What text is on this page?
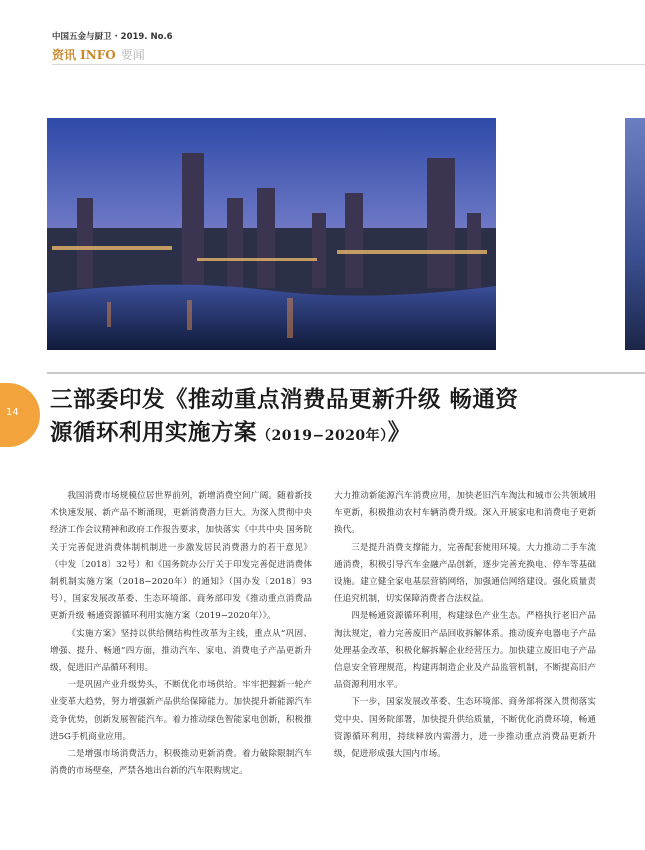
中国五金与厨卫 · 2019. No.6
资讯 INFO 要闻
14 三部委印发《推动重点消费品更新升级 畅通资
源循环利用实施方案（2019−2020年）》

我国消费市场规模位居世界前列，新增消费空间广阔。随着新技术快速发展、新产品不断涌现，更新消费潜力巨大。为深入贯彻中央经济工作会议精神和政府工作报告要求，加快落实《中共中央 国务院关于完善促进消费体制机制进一步激发居民消费潜力的若干意见》（中发〔2018〕32号）和《国务院办公厅关于印发完善促进消费体制机制实施方案（2018−2020年）的通知》（国办发〔2018〕93号），国家发展改革委、生态环境部、商务部印发《推动重点消费品更新升级 畅通资源循环利用实施方案（2019−2020年）》。

《实施方案》坚持以供给侧结构性改革为主线，重点从“巩固、增强、提升、畅通”四方面，推动汽车、家电、消费电子产品更新升级，促进旧产品循环利用。

一是巩固产业升级势头，不断优化市场供给。牢牢把握新一轮产业变革大趋势，努力增强新产品供给保障能力。加快提升新能源汽车竞争优势，创新发展智能汽车。着力推动绿色智能家电创新，积极推进5G手机商业应用。

二是增强市场消费活力，积极推动更新消费。着力破除限制汽车消费的市场壁垒，严禁各地出台新的汽车限购规定。

大力推动新能源汽车消费应用，加快老旧汽车淘汰和城市公共领域用车更新，积极推动农村车辆消费升级。深入开展家电和消费电子更新换代。

三是提升消费支撑能力，完善配套使用环境。大力推动二手车流通消费，积极引导汽车金融产品创新，逐步完善充换电、停车等基础设施。建立健全家电基层营销网络，加强通信网络建设。强化质量责任追究机制，切实保障消费者合法权益。

四是畅通资源循环利用，构建绿色产业生态。严格执行老旧产品淘汰规定，着力完善废旧产品回收拆解体系。推动废弃电器电子产品处理基金改革，积极化解拆解企业经营压力。加快建立废旧电子产品信息安全管理规范，构建再制造企业及产品监管机制，不断提高旧产品资源利用水平。

下一步，国家发展改革委、生态环境部、商务部将深入贯彻落实党中央、国务院部署，加快提升供给质量，不断优化消费环境，畅通资源循环利用，持续释放内需潜力，进一步推动重点消费品更新升级，促进形成强大国内市场。
